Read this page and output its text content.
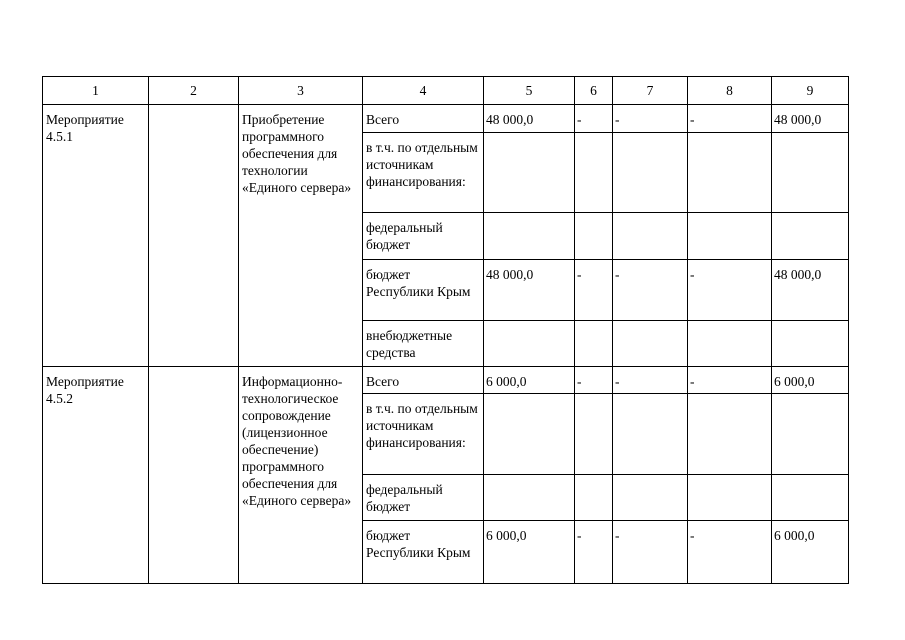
1	2	3	4	5	6	7	8	9
Мероприятие 4.5.1		Приобретение программного обеспечения для технологии «Единого сервера»	Всего	48 000,0	-	-	-	48 000,0
			в т.ч. по отдельным источникам финансирования:					
			федеральный бюджет					
			бюджет Республики Крым	48 000,0	-	-	-	48 000,0
			внебюджетные средства					
Мероприятие 4.5.2		Информационно-технологическое сопровождение (лицензионное обеспечение) программного обеспечения для «Единого сервера»	Всего	6 000,0	-	-	-	6 000,0
			в т.ч. по отдельным источникам финансирования:					
			федеральный бюджет					
			бюджет Республики Крым	6 000,0	-	-	-	6 000,0
